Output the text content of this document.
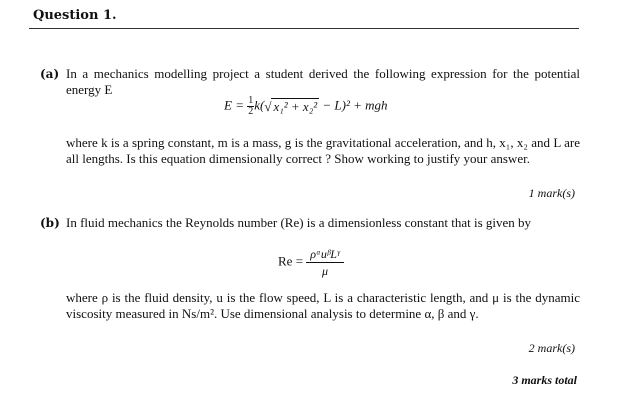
Question 1.
(a) In a mechanics modelling project a student derived the following expression for the potential energy E

$E = \frac{1}{2} k(√$ x₁² + x₂² − L)² + mgh

where k is a spring constant, m is a mass, g is the gravitational acceleration, and h, x₁, x₂ and L are all lengths. Is this equation dimensionally correct ? Show working to justify your answer.

1 mark(s)
(b) In fluid mechanics the Reynolds number (Re) is a dimensionless constant that is given by

$Re = \frac{\text{ρᵅuᵝLᵞ}}{\mu}$

where ρ is the fluid density, u is the flow speed, L is a characteristic length, and μ is the dynamic viscosity measured in Ns/m². Use dimensional analysis to determine α, β and γ.

2 mark(s)
3 marks total
